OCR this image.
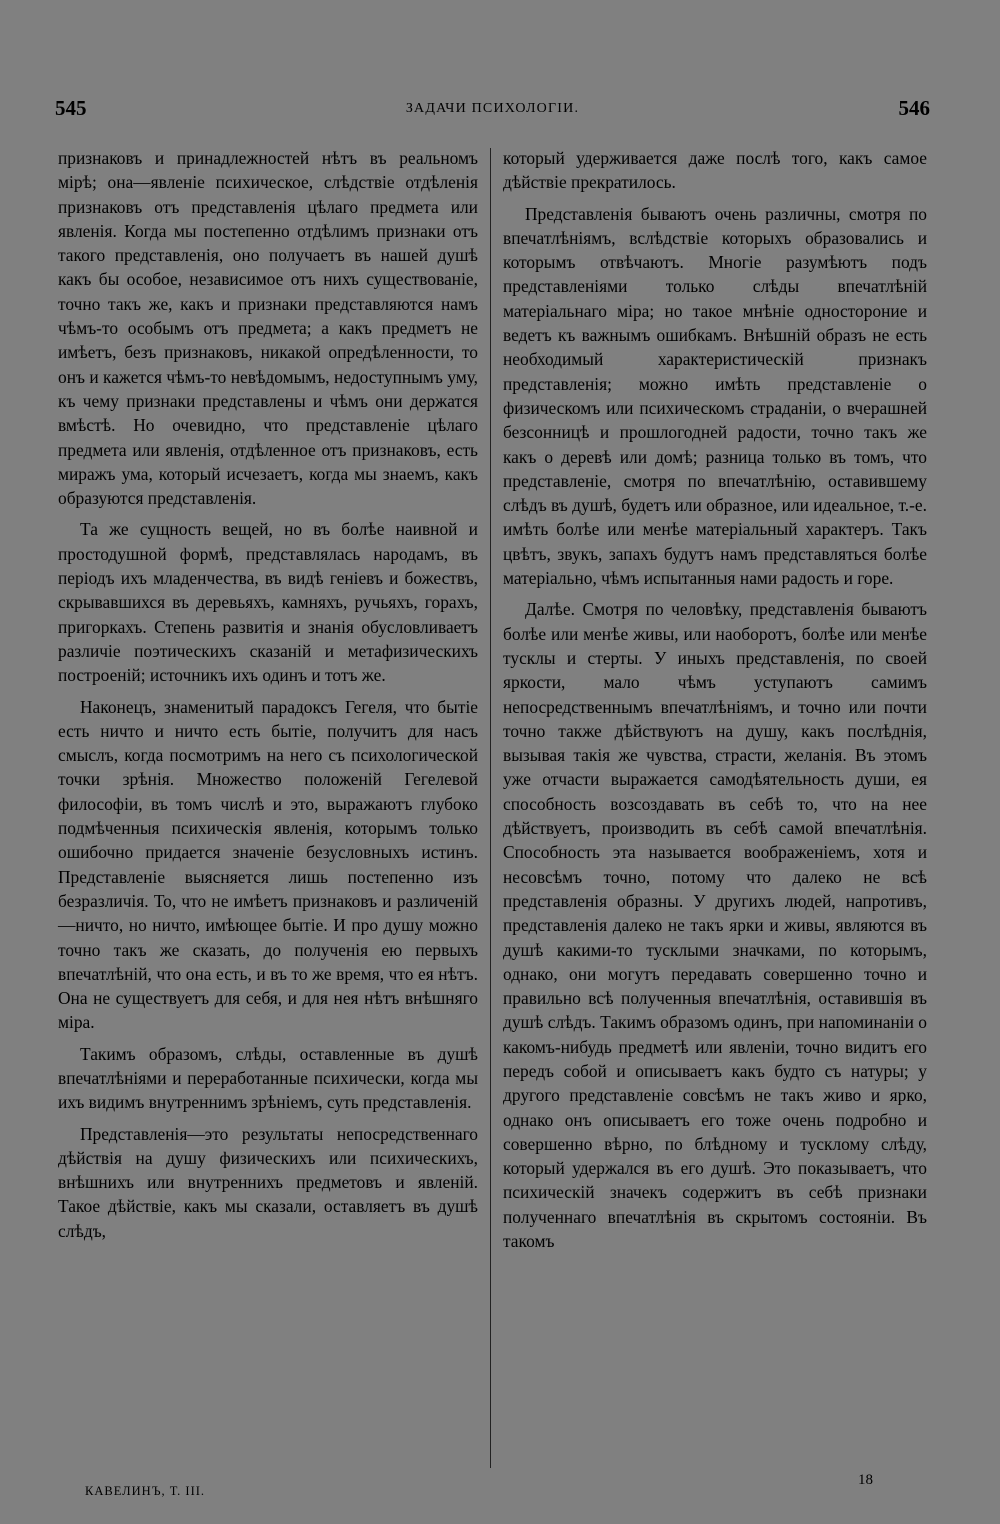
545	ЗАДАЧИ ПСИХОЛОГIИ.	546

признаковъ и принадлежностей нѣтъ въ реальномъ мірѣ; она—явленіе психическое, слѣдствіе отдѣленія признаковъ отъ представленія цѣлаго предмета или явленія. Когда мы постепенно отдѣлимъ признаки отъ такого представленія, оно получаетъ въ нашей душѣ какъ бы особое, независимое отъ нихъ существованіе, точно такъ же, какъ и признаки представляются намъ чѣмъ-то особымъ отъ предмета; а какъ предметъ не имѣетъ, безъ признаковъ, никакой опредѣленности, то онъ и кажется чѣмъ-то невѣдомымъ, недоступнымъ уму, къ чему признаки представлены и чѣмъ они держатся вмѣстѣ. Но очевидно, что представленіе цѣлаго предмета или явленія, отдѣленное отъ признаковъ, есть миражъ ума, который исчезаетъ, когда мы знаемъ, какъ образуются представленія.

Та же сущность вещей, но въ болѣе наивной и простодушной формѣ, представлялась народамъ, въ періодъ ихъ младенчества, въ видѣ геніевъ и божествъ, скрывавшихся въ деревьяхъ, камняхъ, ручьяхъ, горахъ, пригоркахъ. Степень развитія и знанія обусловливаетъ различіе поэтическихъ сказаній и метафизическихъ построеній; источникъ ихъ одинъ и тотъ же.

Наконецъ, знаменитый парадоксъ Гегеля, что бытіе есть ничто и ничто есть бытіе, получитъ для насъ смыслъ, когда посмотримъ на него съ психологической точки зрѣнія. Множество положеній Гегелевой философіи, въ томъ числѣ и это, выражаютъ глубоко подмѣченныя психическія явленія, которымъ только ошибочно придается значеніе безусловныхъ истинъ. Представленіе выясняется лишь постепенно изъ безразличія. То, что не имѣетъ признаковъ и различеній—ничто, но ничто, имѣющее бытіе. И про душу можно точно такъ же сказать, до полученія ею первыхъ впечатлѣній, что она есть, и въ то же время, что ея нѣтъ. Она не существуетъ для себя, и для нея нѣтъ внѣшняго міра.

Такимъ образомъ, слѣды, оставленные въ душѣ впечатлѣніями и переработанные психически, когда мы ихъ видимъ внутреннимъ зрѣніемъ, суть представленія.

Представленія—это результаты непосредственнаго дѣйствія на душу физическихъ или психическихъ, внѣшнихъ или внутреннихъ предметовъ и явленій. Такое дѣйствіе, какъ мы сказали, оставляетъ въ душѣ слѣдъ,

который удерживается даже послѣ того, какъ самое дѣйствіе прекратилось.

Представленія бываютъ очень различны, смотря по впечатлѣніямъ, вслѣдствіе которыхъ образовались и которымъ отвѣчаютъ. Многіе разумѣютъ подъ представленіями только слѣды впечатлѣній матеріальнаго міра; но такое мнѣніе одностороние и ведетъ къ важнымъ ошибкамъ. Внѣшній образъ не есть необходимый характеристическій признакъ представленія; можно имѣть представленіе о физическомъ или психическомъ страданіи, о вчерашней безсонницѣ и прошлогодней радости, точно такъ же какъ о деревѣ или домѣ; разница только въ томъ, что представленіе, смотря по впечатлѣнію, оставившему слѣдъ въ душѣ, будетъ или образное, или идеальное, т.-е. имѣть болѣе или менѣе матеріальный характеръ. Такъ цвѣтъ, звукъ, запахъ будутъ намъ представляться болѣе матеріально, чѣмъ испытанныя нами радость и горе.

Далѣе. Смотря по человѣку, представленія бываютъ болѣе или менѣе живы, или наоборотъ, болѣе или менѣе тусклы и стерты. У иныхъ представленія, по своей яркости, мало чѣмъ уступаютъ самимъ непосредственнымъ впечатлѣніямъ, и точно или почти точно также дѣйствуютъ на душу, какъ послѣднія, вызывая такія же чувства, страсти, желанія. Въ этомъ уже отчасти выражается самодѣятельность души, ея способность возсоздавать въ себѣ то, что на нее дѣйствуетъ, производить въ себѣ самой впечатлѣнія. Способность эта называется воображеніемъ, хотя и несовсѣмъ точно, потому что далеко не всѣ представленія образны. У другихъ людей, напротивъ, представленія далеко не такъ ярки и живы, являются въ душѣ какими-то тусклыми значками, по которымъ, однако, они могутъ передавать совершенно точно и правильно всѣ полученныя впечатлѣнія, оставившія въ душѣ слѣдъ. Такимъ образомъ одинъ, при напоминаніи о какомъ-нибудь предметѣ или явленіи, точно видитъ его передъ собой и описываетъ какъ будто съ натуры; у другого представленіе совсѣмъ не такъ живо и ярко, однако онъ описываетъ его тоже очень подробно и совершенно вѣрно, по блѣдному и тусклому слѣду, который удержался въ его душѣ. Это показываетъ, что психическій значекъ содержитъ въ себѣ признаки полученнаго впечатлѣнія въ скрытомъ состояніи. Въ такомъ

КАВЕЛИНЪ, Т. III.
18
